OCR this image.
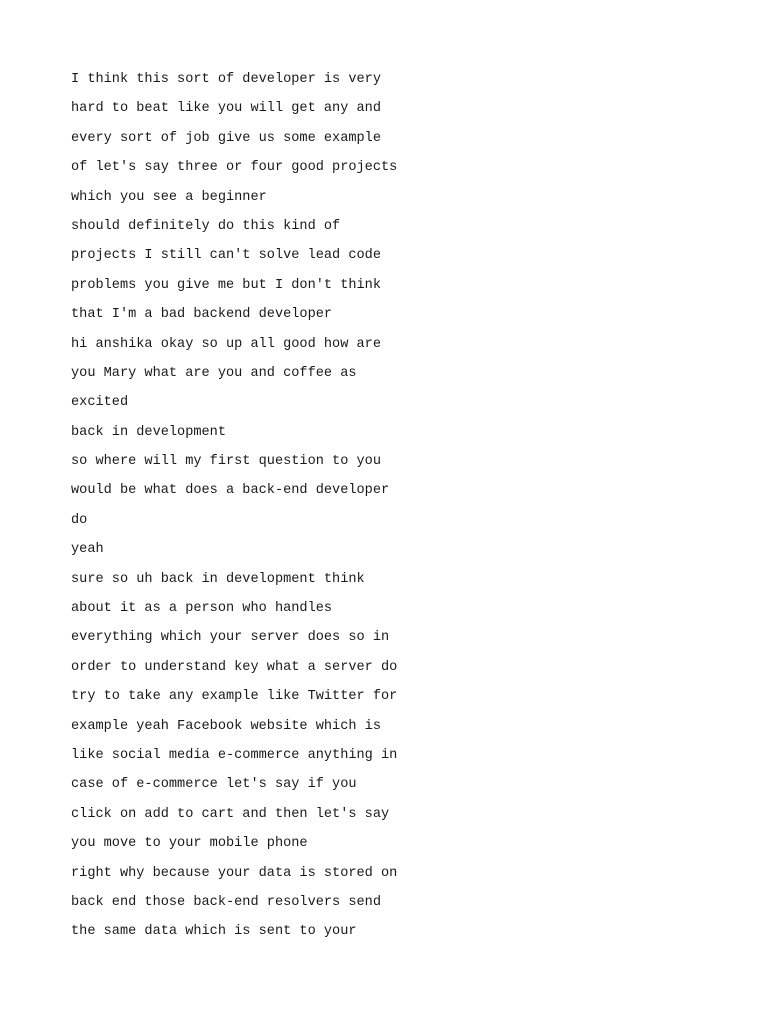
I think this sort of developer is very
hard to beat like you will get any and
every sort of job give us some example
of let's say three or four good projects
which you see a beginner
should definitely do this kind of
projects I still can't solve lead code
problems you give me but I don't think
that I'm a bad backend developer
hi anshika okay so up all good how are
you Mary what are you and coffee as
excited
back in development
so where will my first question to you
would be what does a back-end developer
do
yeah
sure so uh back in development think
about it as a person who handles
everything which your server does so in
order to understand key what a server do
try to take any example like Twitter for
example yeah Facebook website which is
like social media e-commerce anything in
case of e-commerce let's say if you
click on add to cart and then let's say
you move to your mobile phone
right why because your data is stored on
back end those back-end resolvers send
the same data which is sent to your
